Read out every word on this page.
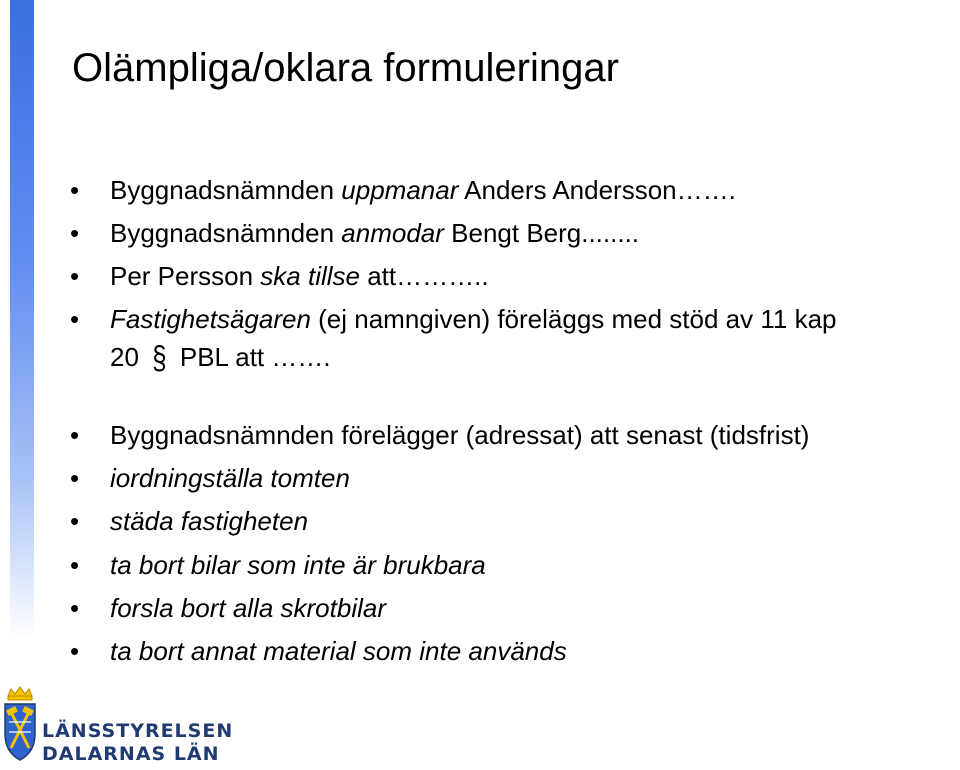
Olämpliga/oklara formuleringar
• Byggnadsnämnden uppmanar Anders Andersson…….
• Byggnadsnämnden anmodar Bengt Berg........
• Per Persson ska tillse att………..
• Fastighetsägaren (ej namngiven) föreläggs med stöd av 11 kap
20 § PBL att …….
• Byggnadsnämnden förelägger (adressat) att senast (tidsfrist)
• iordningställa tomten
• städa fastigheten
• ta bort bilar som inte är brukbara
• forsla bort alla skrotbilar
• ta bort annat material som inte används
LÄNSSTYRELSEN
DALARNAS LÄN
